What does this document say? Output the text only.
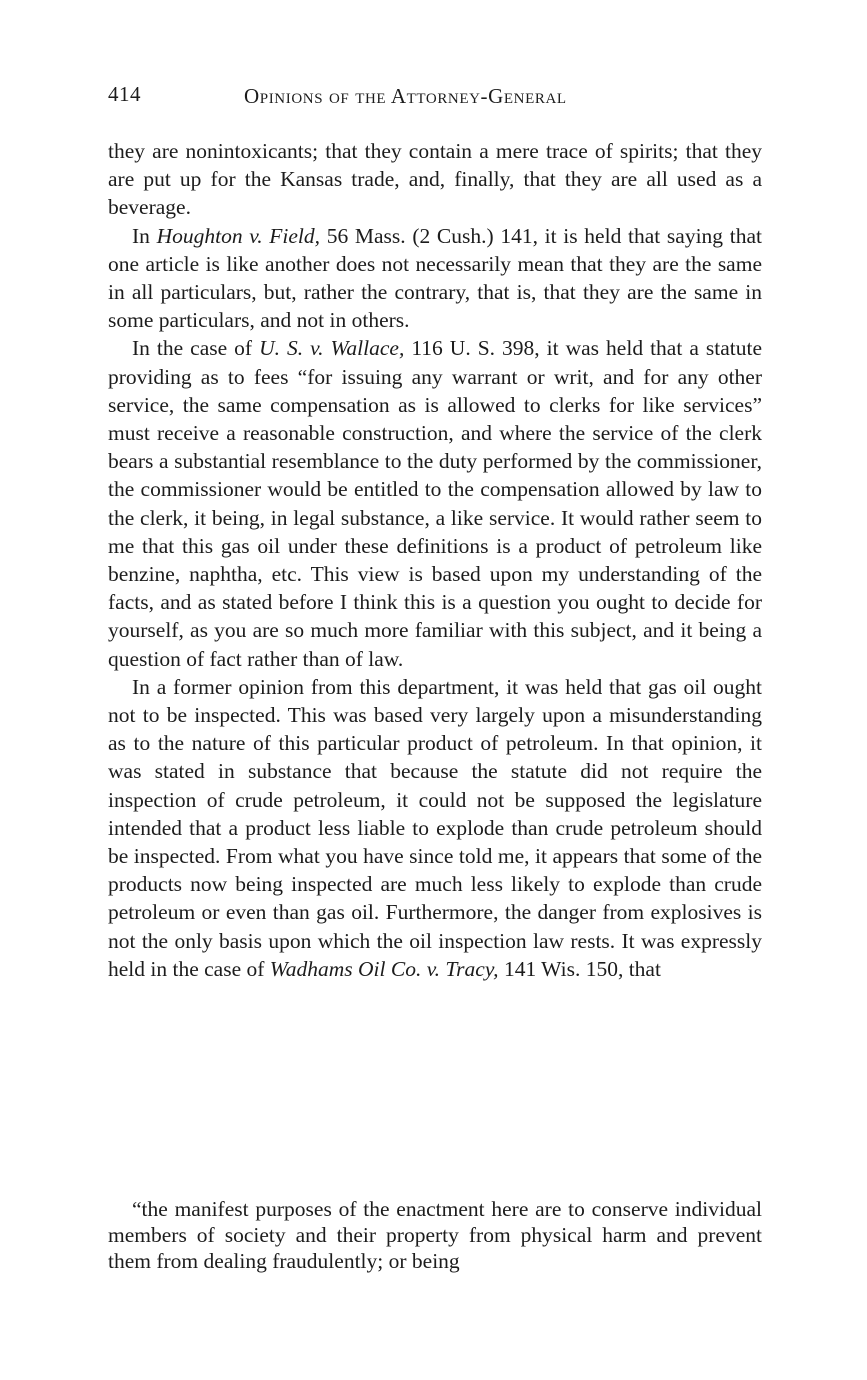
414	Opinions of the Attorney-General

they are nonintoxicants; that they contain a mere trace of spirits; that they are put up for the Kansas trade, and, finally, that they are all used as a beverage.

In Houghton v. Field, 56 Mass. (2 Cush.) 141, it is held that saying that one article is like another does not necessarily mean that they are the same in all particulars, but, rather the contrary, that is, that they are the same in some particulars, and not in others.

In the case of U. S. v. Wallace, 116 U. S. 398, it was held that a statute providing as to fees “for issuing any warrant or writ, and for any other service, the same compensation as is allowed to clerks for like services” must receive a reasonable construction, and where the service of the clerk bears a substantial resemblance to the duty performed by the commissioner, the commissioner would be entitled to the compensation allowed by law to the clerk, it being, in legal substance, a like service. It would rather seem to me that this gas oil under these definitions is a product of petroleum like benzine, naphtha, etc. This view is based upon my understanding of the facts, and as stated before I think this is a question you ought to decide for yourself, as you are so much more familiar with this subject, and it being a question of fact rather than of law.

In a former opinion from this department, it was held that gas oil ought not to be inspected. This was based very largely upon a misunderstanding as to the nature of this particular product of petroleum. In that opinion, it was stated in substance that because the statute did not require the inspection of crude petroleum, it could not be supposed the legislature intended that a product less liable to explode than crude petroleum should be inspected. From what you have since told me, it appears that some of the products now being inspected are much less likely to explode than crude petroleum or even than gas oil. Furthermore, the danger from explosives is not the only basis upon which the oil inspection law rests. It was expressly held in the case of Wadhams Oil Co. v. Tracy, 141 Wis. 150, that

“the manifest purposes of the enactment here are to conserve individual members of society and their property from physical harm and prevent them from dealing fraudulently; or being
